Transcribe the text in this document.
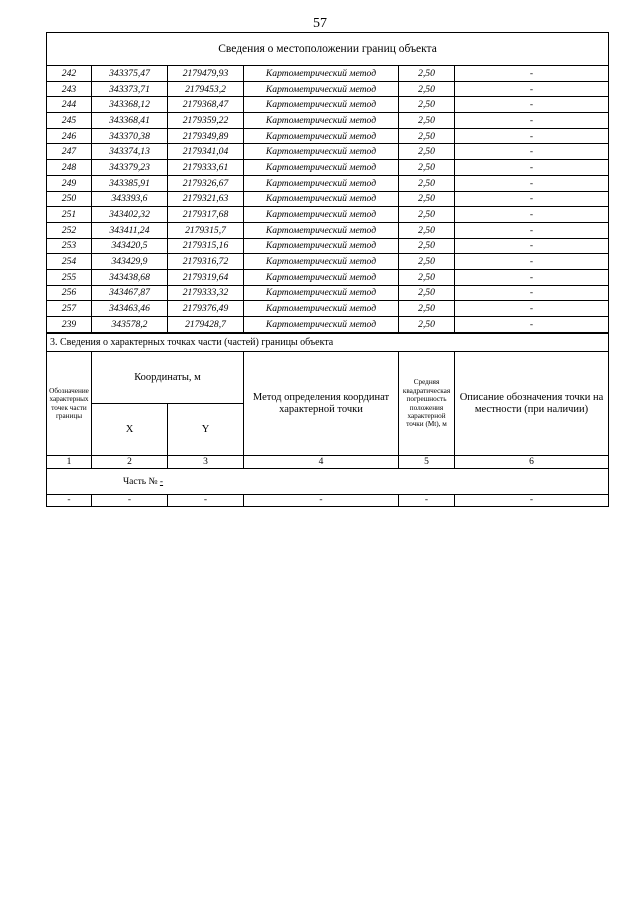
57
Сведения о местоположении границ объекта					
242	343375,47	2179479,93	Картометрический метод	2,50	-
243	343373,71	2179453,2	Картометрический метод	2,50	-
244	343368,12	2179368,47	Картометрический метод	2,50	-
245	343368,41	2179359,22	Картометрический метод	2,50	-
246	343370,38	2179349,89	Картометрический метод	2,50	-
247	343374,13	2179341,04	Картометрический метод	2,50	-
248	343379,23	2179333,61	Картометрический метод	2,50	-
249	343385,91	2179326,67	Картометрический метод	2,50	-
250	343393,6	2179321,63	Картометрический метод	2,50	-
251	343402,32	2179317,68	Картометрический метод	2,50	-
252	343411,24	2179315,7	Картометрический метод	2,50	-
253	343420,5	2179315,16	Картометрический метод	2,50	-
254	343429,9	2179316,72	Картометрический метод	2,50	-
255	343438,68	2179319,64	Картометрический метод	2,50	-
256	343467,87	2179333,32	Картометрический метод	2,50	-
257	343463,46	2179376,49	Картометрический метод	2,50	-
239	343578,2	2179428,7	Картометрический метод	2,50	-
3. Сведения о характерных точках части (частей) границы объекта					
Обозначение характерных точек части границы	Координаты, м		Метод определения координат характерной точки	Средняя квадратическая погрешность положения характерной точки (Mt), м	Описание обозначения точки на местности (при наличии)
	X	Y			
1	2	3	4	5	6
Часть № -					
-	-	-	-	-	-
